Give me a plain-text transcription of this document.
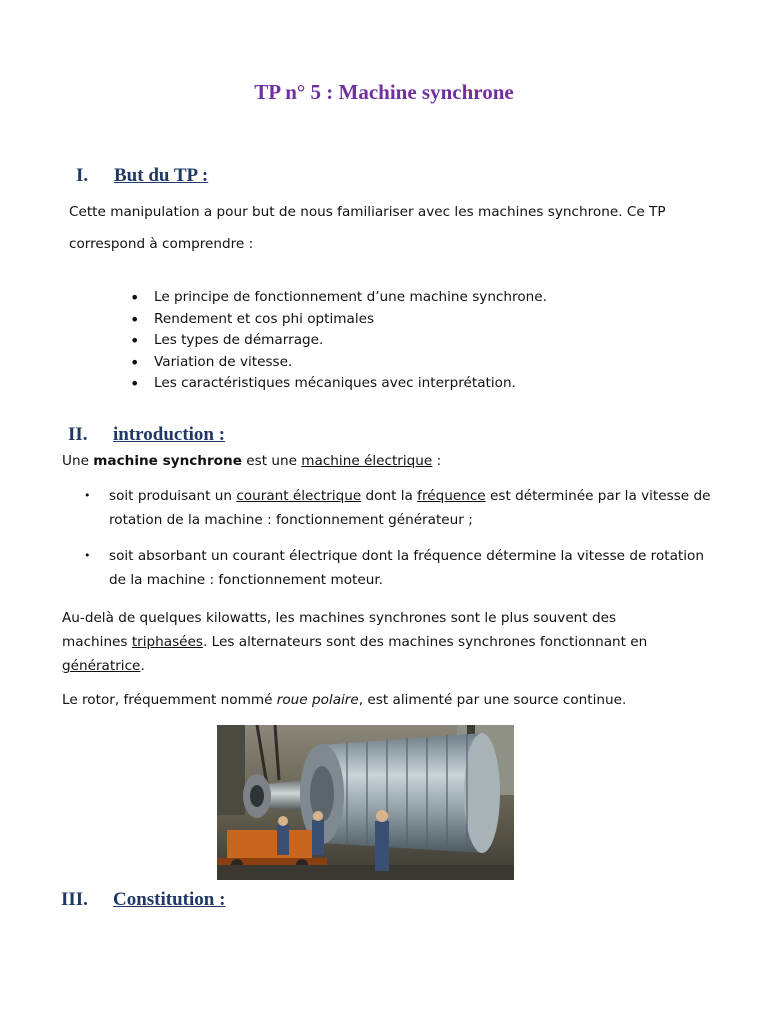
TP n° 5 : Machine synchrone
I. But du TP :
Cette manipulation a pour but de nous familiariser avec les machines synchrone. Ce TP
correspond à comprendre :
• Le principe de fonctionnement d’une machine synchrone.
• Rendement et cos phi optimales
• Les types de démarrage.
• Variation de vitesse.
• Les caractéristiques mécaniques avec interprétation.
II. introduction :
Une machine synchrone est une machine électrique :
• soit produisant un courant électrique dont la fréquence est déterminée par la vitesse de rotation de la machine : fonctionnement générateur ;
• soit absorbant un courant électrique dont la fréquence détermine la vitesse de rotation de la machine : fonctionnement moteur.
Au-delà de quelques kilowatts, les machines synchrones sont le plus souvent des machines triphasées. Les alternateurs sont des machines synchrones fonctionnant en génératrice.
Le rotor, fréquemment nommé roue polaire, est alimenté par une source continue.
III. Constitution :
